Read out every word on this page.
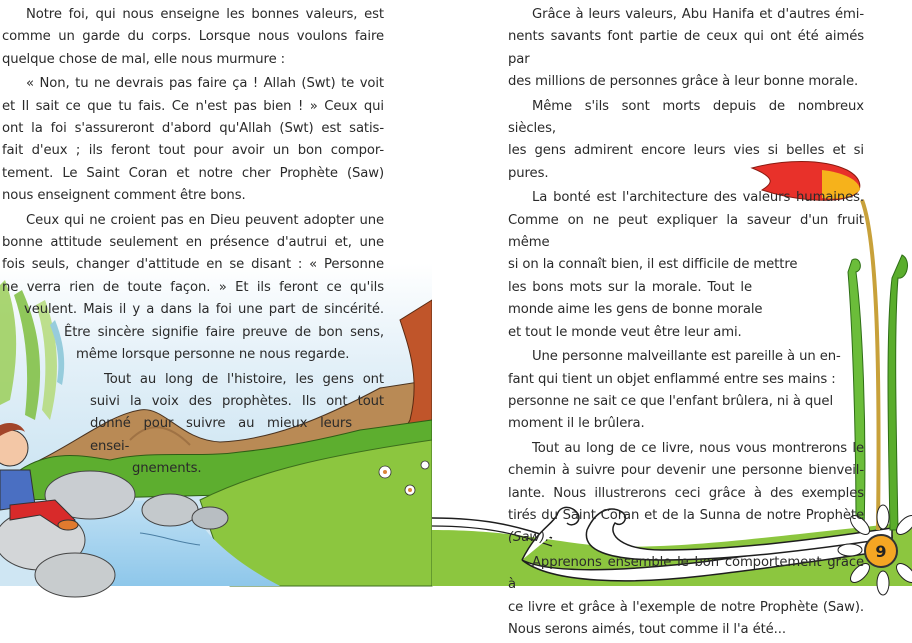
Notre foi, qui nous enseigne les bonnes valeurs, est
comme un garde du corps. Lorsque nous voulons faire
quelque chose de mal, elle nous murmure :

« Non, tu ne devrais pas faire ça ! Allah (Swt) te voit
et Il sait ce que tu fais. Ce n'est pas bien ! » Ceux qui
ont la foi s'assureront d'abord qu'Allah (Swt) est satis-
fait d'eux ; ils feront tout pour avoir un bon compor-
tement. Le Saint Coran et notre cher Prophète (Saw)
nous enseignent comment être bons.

Ceux qui ne croient pas en Dieu peuvent adopter une
bonne attitude seulement en présence d'autrui et, une
fois seuls, changer d'attitude en se disant : « Personne
ne verra rien de toute façon. » Et ils feront ce qu'ils
veulent. Mais il y a dans la foi une part de sincérité.
Être sincère signifie faire preuve de bon sens,
même lorsque personne ne nous regarde.

Tout au long de l'histoire, les gens ont
suivi la voix des prophètes. Ils ont tout
donné pour suivre au mieux leurs ensei-
gnements.

9

Grâce à leurs valeurs, Abu Hanifa et d'autres émi-
nents savants font partie de ceux qui ont été aimés par
des millions de personnes grâce à leur bonne morale.

Même s'ils sont morts depuis de nombreux siècles,
les gens admirent encore leurs vies si belles et si pures.

La bonté est l'architecture des valeurs humaines.
Comme on ne peut expliquer la saveur d'un fruit même
si on la connaît bien, il est difficile de mettre
les bons mots sur la morale. Tout le
monde aime les gens de bonne morale
et tout le monde veut être leur ami.

Une personne malveillante est pareille à un en-
fant qui tient un objet enflammé entre ses mains :
personne ne sait ce que l'enfant brûlera, ni à quel
moment il le brûlera.

Tout au long de ce livre, nous vous montrerons le
chemin à suivre pour devenir une personne bienveil-
lante. Nous illustrerons ceci grâce à des exemples
tirés du Saint Coran et de la Sunna de notre Prophète
(Saw).

Apprenons ensemble le bon comportement grâce à
ce livre et grâce à l'exemple de notre Prophète (Saw).
Nous serons aimés, tout comme il l'a été...
